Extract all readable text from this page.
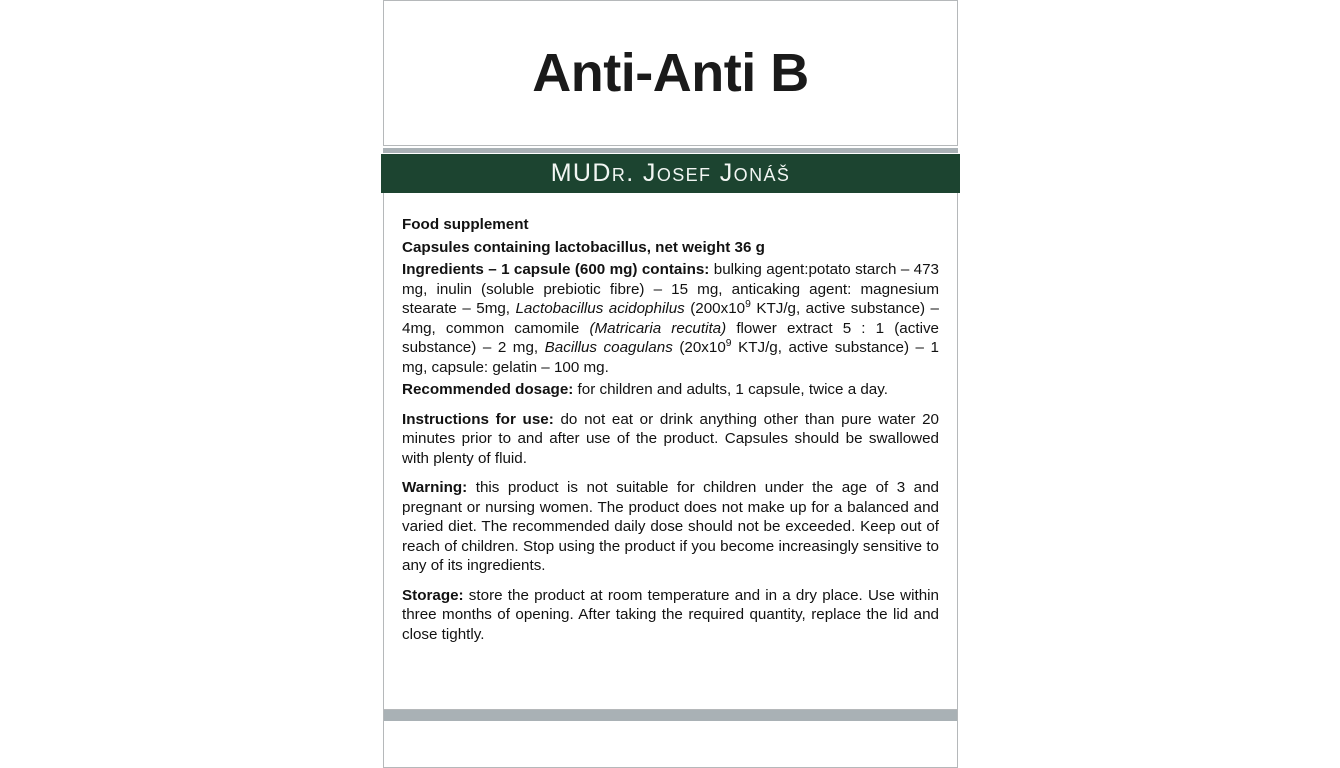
Anti-Anti B
MUDr. Josef Jonáš

Food supplement

Capsules containing lactobacillus, net weight 36 g

Ingredients – 1 capsule (600 mg) contains: bulking agent:potato starch – 473 mg, inulin (soluble prebiotic fibre) – 15 mg, anticaking agent: magnesium stearate – 5mg, Lactobacillus acidophilus ($200x10^9$ KTJ/g, active substance) – 4mg, common camomile (Matricaria recutita) flower extract 5 : 1 (active substance) – 2 mg, Bacillus coagulans ($20x10^9$ KTJ/g, active substance) – 1 mg, capsule: gelatin – 100 mg.

Recommended dosage: for children and adults, 1 capsule, twice a day.

Instructions for use: do not eat or drink anything other than pure water 20 minutes prior to and after use of the product. Capsules should be swallowed with plenty of fluid.

Warning: this product is not suitable for children under the age of 3 and pregnant or nursing women. The product does not make up for a balanced and varied diet. The recommended daily dose should not be exceeded. Keep out of reach of children. Stop using the product if you become increasingly sensitive to any of its ingredients.

Storage: store the product at room temperature and in a dry place. Use within three months of opening. After taking the required quantity, replace the lid and close tightly.
